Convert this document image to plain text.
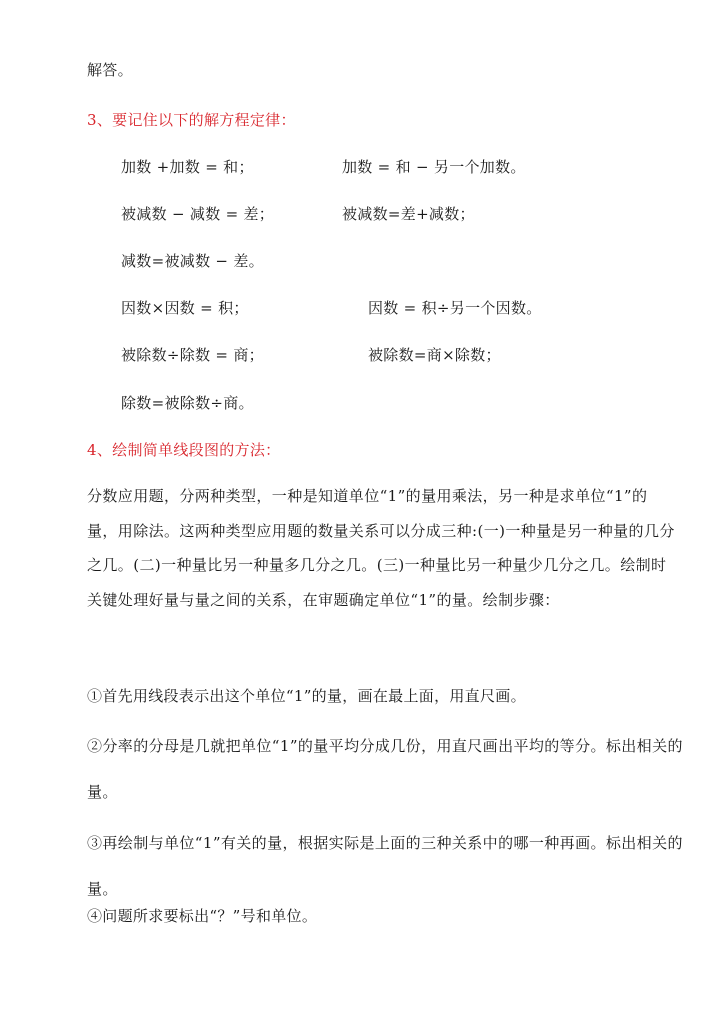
解答。
3、要记住以下的解方程定律：
加数 +加数 = 和；	加数 = 和 − 另一个加数。
被减数 − 减数 = 差；	被减数=差+减数；
减数=被减数 − 差。
因数×因数 = 积；	因数 = 积÷另一个因数。
被除数÷除数 = 商；	被除数=商×除数；
除数=被除数÷商。
4、绘制简单线段图的方法：
分数应用题，分两种类型，一种是知道单位“1”的量用乘法，另一种是求单位“1”的量，用除法。这两种类型应用题的数量关系可以分成三种:(一)一种量是另一种量的几分之几。(二)一种量比另一种量多几分之几。(三)一种量比另一种量少几分之几。绘制时关键处理好量与量之间的关系，在审题确定单位“1”的量。绘制步骤：
①首先用线段表示出这个单位“1”的量，画在最上面，用直尺画。
②分率的分母是几就把单位“1”的量平均分成几份，用直尺画出平均的等分。标出相关的量。
③再绘制与单位“1”有关的量，根据实际是上面的三种关系中的哪一种再画。标出相关的量。
④问题所求要标出“？”号和单位。
